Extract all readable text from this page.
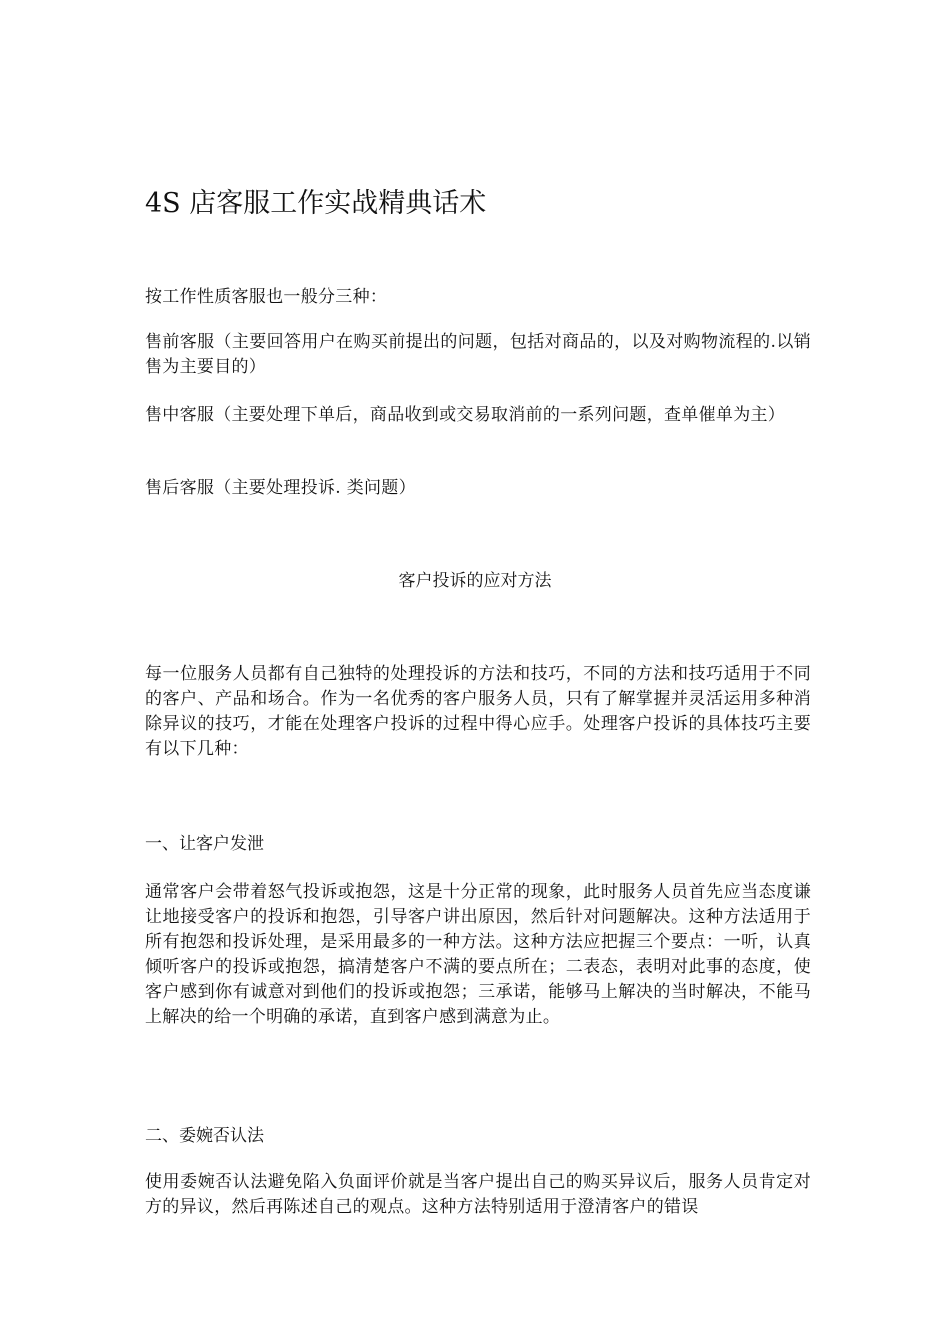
4S 店客服工作实战精典话术
按工作性质客服也一般分三种：
售前客服（主要回答用户在购买前提出的问题，包括对商品的，以及对购物流程的.以销售为主要目的）
售中客服（主要处理下单后，商品收到或交易取消前的一系列问题，查单催单为主）
售后客服（主要处理投诉. 类问题）
客户投诉的应对方法
每一位服务人员都有自己独特的处理投诉的方法和技巧，不同的方法和技巧适用于不同的客户、产品和场合。作为一名优秀的客户服务人员，只有了解掌握并灵活运用多种消除异议的技巧，才能在处理客户投诉的过程中得心应手。处理客户投诉的具体技巧主要有以下几种：
一、让客户发泄
通常客户会带着怒气投诉或抱怨，这是十分正常的现象，此时服务人员首先应当态度谦让地接受客户的投诉和抱怨，引导客户讲出原因，然后针对问题解决。这种方法适用于所有抱怨和投诉处理，是采用最多的一种方法。这种方法应把握三个要点：一听，认真倾听客户的投诉或抱怨，搞清楚客户不满的要点所在；二表态，表明对此事的态度，使客户感到你有诚意对到他们的投诉或抱怨；三承诺，能够马上解决的当时解决，不能马上解决的给一个明确的承诺，直到客户感到满意为止。
二、委婉否认法
使用委婉否认法避免陷入负面评价就是当客户提出自己的购买异议后，服务人员肯定对方的异议，然后再陈述自己的观点。这种方法特别适用于澄清客户的错误
